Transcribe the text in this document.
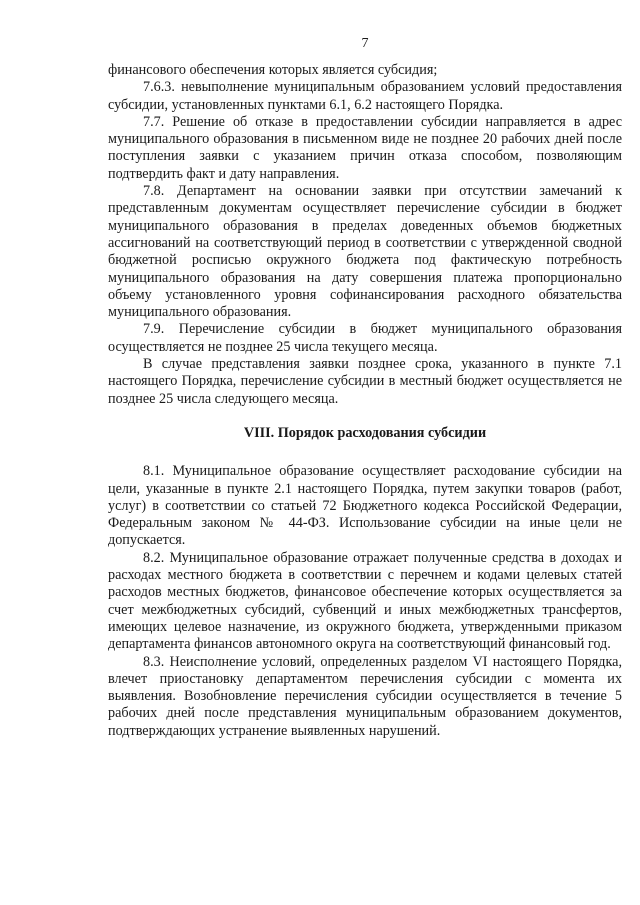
7

финансового обеспечения которых является субсидия;

7.6.3. невыполнение муниципальным образованием условий предоставления субсидии, установленных пунктами 6.1, 6.2 настоящего Порядка.

7.7. Решение об отказе в предоставлении субсидии направляется в адрес муниципального образования в письменном виде не позднее 20 рабочих дней после поступления заявки с указанием причин отказа способом, позволяющим подтвердить факт и дату направления.

7.8. Департамент на основании заявки при отсутствии замечаний к представленным документам осуществляет перечисление субсидии в бюджет муниципального образования в пределах доведенных объемов бюджетных ассигнований на соответствующий период в соответствии с утвержденной сводной бюджетной росписью окружного бюджета под фактическую потребность муниципального образования на дату совершения платежа пропорционально объему установленного уровня софинансирования расходного обязательства муниципального образования.

7.9. Перечисление субсидии в бюджет муниципального образования осуществляется не позднее 25 числа текущего месяца.

В случае представления заявки позднее срока, указанного в пункте 7.1 настоящего Порядка, перечисление субсидии в местный бюджет осуществляется не позднее 25 числа следующего месяца.

VIII. Порядок расходования субсидии

8.1. Муниципальное образование осуществляет расходование субсидии на цели, указанные в пункте 2.1 настоящего Порядка, путем закупки товаров (работ, услуг) в соответствии со статьей 72 Бюджетного кодекса Российской Федерации, Федеральным законом № 44-ФЗ. Использование субсидии на иные цели не допускается.

8.2. Муниципальное образование отражает полученные средства в доходах и расходах местного бюджета в соответствии с перечнем и кодами целевых статей расходов местных бюджетов, финансовое обеспечение которых осуществляется за счет межбюджетных субсидий, субвенций и иных межбюджетных трансфертов, имеющих целевое назначение, из окружного бюджета, утвержденными приказом департамента финансов автономного округа на соответствующий финансовый год.

8.3. Неисполнение условий, определенных разделом VI настоящего Порядка, влечет приостановку департаментом перечисления субсидии с момента их выявления. Возобновление перечисления субсидии осуществляется в течение 5 рабочих дней после представления муниципальным образованием документов, подтверждающих устранение выявленных нарушений.
